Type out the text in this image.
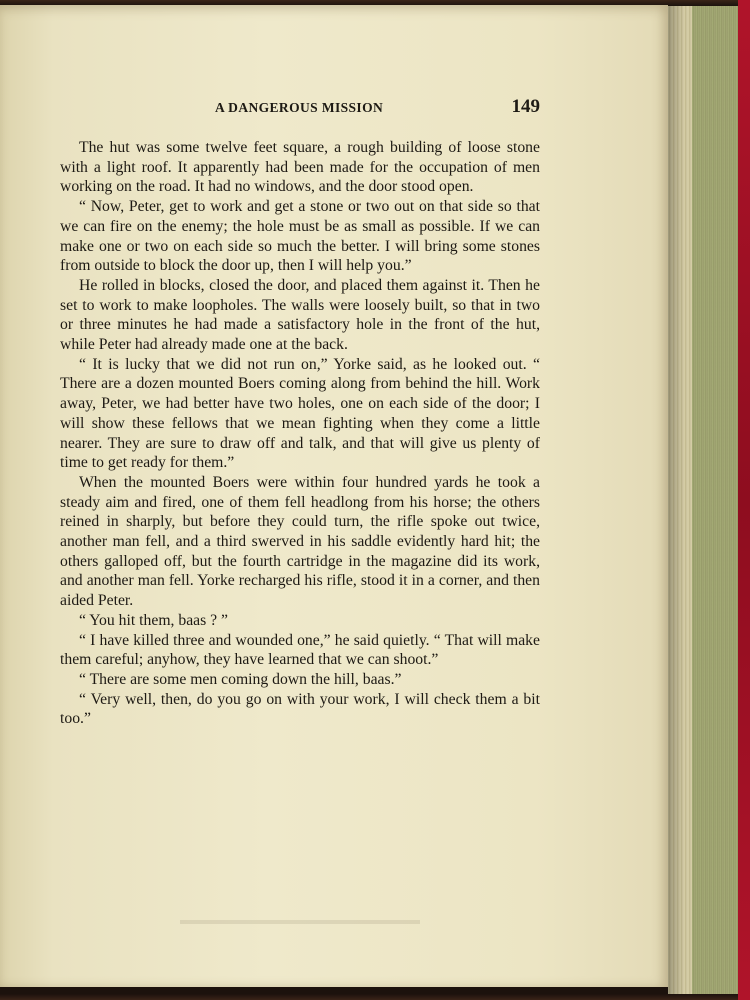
A DANGEROUS MISSION	149

The hut was some twelve feet square, a rough building of loose stone with a light roof. It apparently had been made for the occupation of men working on the road. It had no windows, and the door stood open.

“ Now, Peter, get to work and get a stone or two out on that side so that we can fire on the enemy; the hole must be as small as possible. If we can make one or two on each side so much the better. I will bring some stones from outside to block the door up, then I will help you.”

He rolled in blocks, closed the door, and placed them against it. Then he set to work to make loopholes. The walls were loosely built, so that in two or three minutes he had made a satisfactory hole in the front of the hut, while Peter had already made one at the back.

“ It is lucky that we did not run on,” Yorke said, as he looked out. “ There are a dozen mounted Boers coming along from behind the hill. Work away, Peter, we had better have two holes, one on each side of the door; I will show these fellows that we mean fighting when they come a little nearer. They are sure to draw off and talk, and that will give us plenty of time to get ready for them.”

When the mounted Boers were within four hundred yards he took a steady aim and fired, one of them fell headlong from his horse; the others reined in sharply, but before they could turn, the rifle spoke out twice, another man fell, and a third swerved in his saddle evidently hard hit; the others galloped off, but the fourth cartridge in the magazine did its work, and another man fell. Yorke recharged his rifle, stood it in a corner, and then aided Peter.

“ You hit them, baas ? ”

“ I have killed three and wounded one,” he said quietly. “ That will make them careful; anyhow, they have learned that we can shoot.”

“ There are some men coming down the hill, baas.”

“ Very well, then, do you go on with your work, I will check them a bit too.”
